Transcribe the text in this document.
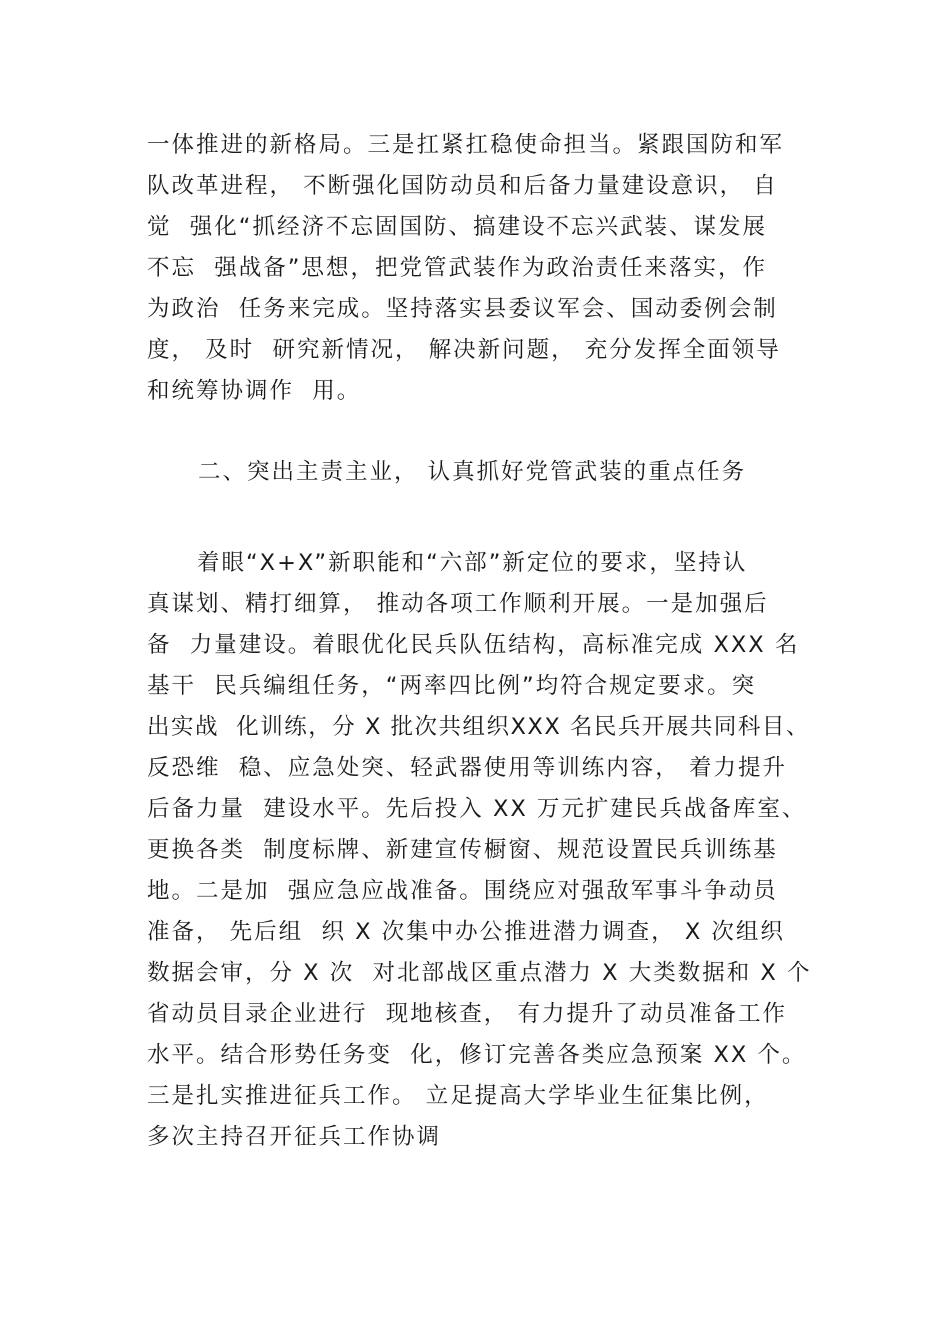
一体推进的新格局。三是扛紧扛稳使命担当。紧跟国防和军
队改革进程， 不断强化国防动员和后备力量建设意识， 自
觉  强化“抓经济不忘固国防、搞建设不忘兴武装、谋发展
不忘  强战备”思想，把党管武装作为政治责任来落实，作
为政治  任务来完成。坚持落实县委议军会、国动委例会制
度， 及时  研究新情况， 解决新问题， 充分发挥全面领导
和统筹协调作  用。
二、突出主责主业， 认真抓好党管武装的重点任务
着眼“X+X”新职能和“六部”新定位的要求，坚持认
真谋划、精打细算， 推动各项工作顺利开展。一是加强后
备  力量建设。着眼优化民兵队伍结构，高标准完成 XXX 名
基干  民兵编组任务，“两率四比例”均符合规定要求。突
出实战  化训练，分 X 批次共组织XXX 名民兵开展共同科目、
反恐维  稳、应急处突、轻武器使用等训练内容， 着力提升
后备力量  建设水平。先后投入 XX 万元扩建民兵战备库室、
更换各类  制度标牌、新建宣传橱窗、规范设置民兵训练基
地。二是加  强应急应战准备。围绕应对强敌军事斗争动员
准备， 先后组  织 X 次集中办公推进潜力调查， X 次组织
数据会审，分 X 次  对北部战区重点潜力 X 大类数据和 X 个
省动员目录企业进行  现地核查， 有力提升了动员准备工作
水平。结合形势任务变  化，修订完善各类应急预案 XX 个。
三是扎实推进征兵工作。 立足提高大学毕业生征集比例，
多次主持召开征兵工作协调
